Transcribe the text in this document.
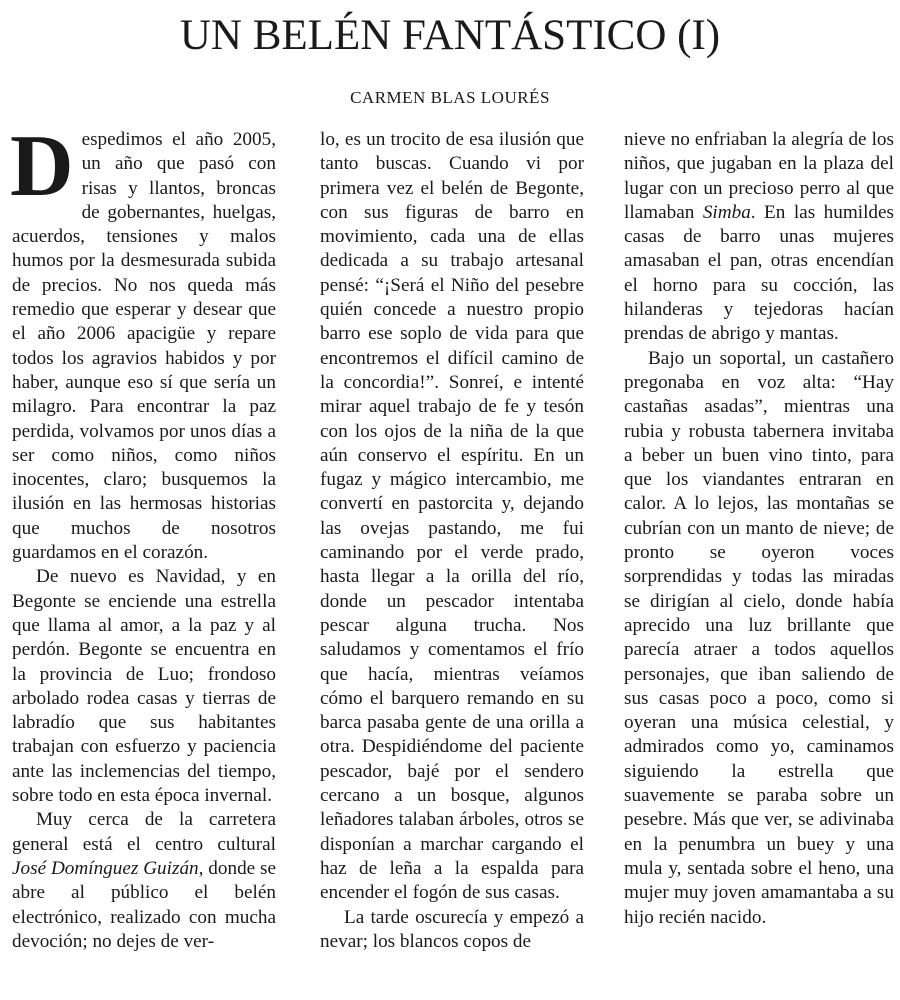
UN BELÉN FANTÁSTICO (I)
CARMEN BLAS LOURÉS

Despedimos el año 2005, un año que pasó con risas y llantos, broncas de gobernantes, huelgas, acuerdos, tensiones y malos humos por la desmesurada subida de precios. No nos queda más remedio que esperar y desear que el año 2006 apacigüe y repare todos los agravios habidos y por haber, aunque eso sí que sería un milagro. Para encontrar la paz perdida, volvamos por unos días a ser como niños, como niños inocentes, claro; busquemos la ilusión en las hermosas historias que muchos de nosotros guardamos en el corazón.

De nuevo es Navidad, y en Begonte se enciende una estrella que llama al amor, a la paz y al perdón. Begonte se encuentra en la provincia de Luo; frondoso arbolado rodea casas y tierras de labradío que sus habitantes trabajan con esfuerzo y paciencia ante las inclemencias del tiempo, sobre todo en esta época invernal.

Muy cerca de la carretera general está el centro cultural José Domínguez Guizán, donde se abre al público el belén electrónico, realizado con mucha devoción; no dejes de ver-

lo, es un trocito de esa ilusión que tanto buscas. Cuando vi por primera vez el belén de Begonte, con sus figuras de barro en movimiento, cada una de ellas dedicada a su trabajo artesanal pensé: “¡Será el Niño del pesebre quién concede a nuestro propio barro ese soplo de vida para que encontremos el difícil camino de la concordia!”. Sonreí, e intenté mirar aquel trabajo de fe y tesón con los ojos de la niña de la que aún conservo el espíritu. En un fugaz y mágico intercambio, me convertí en pastorcita y, dejando las ovejas pastando, me fui caminando por el verde prado, hasta llegar a la orilla del río, donde un pescador intentaba pescar alguna trucha. Nos saludamos y comentamos el frío que hacía, mientras veíamos cómo el barquero remando en su barca pasaba gente de una orilla a otra. Despidiéndome del paciente pescador, bajé por el sendero cercano a un bosque, algunos leñadores talaban árboles, otros se disponían a marchar cargando el haz de leña a la espalda para encender el fogón de sus casas.

La tarde oscurecía y empezó a nevar; los blancos copos de

nieve no enfriaban la alegría de los niños, que jugaban en la plaza del lugar con un precioso perro al que llamaban Simba. En las humildes casas de barro unas mujeres amasaban el pan, otras encendían el horno para su cocción, las hilanderas y tejedoras hacían prendas de abrigo y mantas.

Bajo un soportal, un castañero pregonaba en voz alta: “Hay castañas asadas”, mientras una rubia y robusta tabernera invitaba a beber un buen vino tinto, para que los viandantes entraran en calor. A lo lejos, las montañas se cubrían con un manto de nieve; de pronto se oyeron voces sorprendidas y todas las miradas se dirigían al cielo, donde había aprecido una luz brillante que parecía atraer a todos aquellos personajes, que iban saliendo de sus casas poco a poco, como si oyeran una música celestial, y admirados como yo, caminamos siguiendo la estrella que suavemente se paraba sobre un pesebre. Más que ver, se adivinaba en la penumbra un buey y una mula y, sentada sobre el heno, una mujer muy joven amamantaba a su hijo recién nacido.
